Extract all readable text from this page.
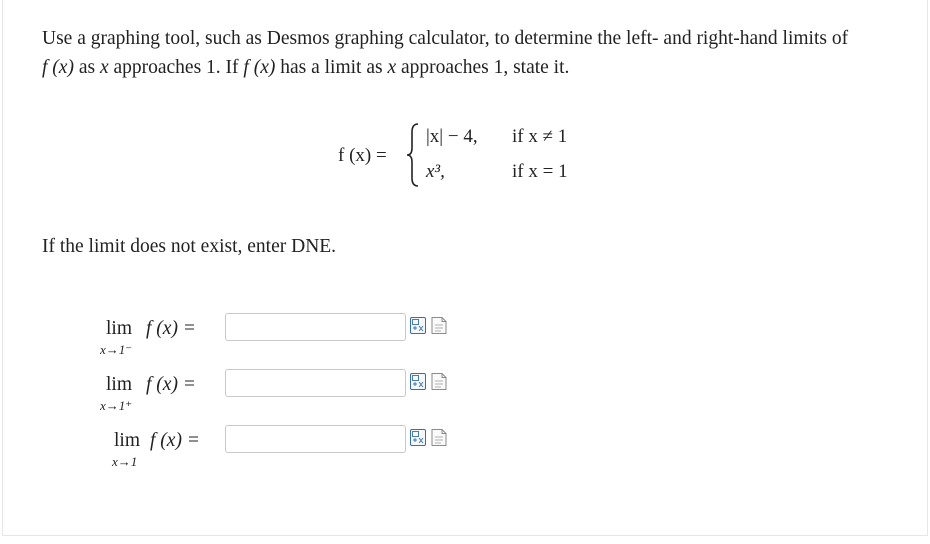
Use a graphing tool, such as Desmos graphing calculator, to determine the left- and right-hand limits of
f (x) as x approaches 1. If f (x) has a limit as x approaches 1, state it.
f (x) =
|x| − 4, if x ≠ 1
x³,	if x = 1
If the limit does not exist, enter DNE.
lim f (x) =
x→1⁻
lim f (x) =
x→1⁺
lim f (x) =
x→1
